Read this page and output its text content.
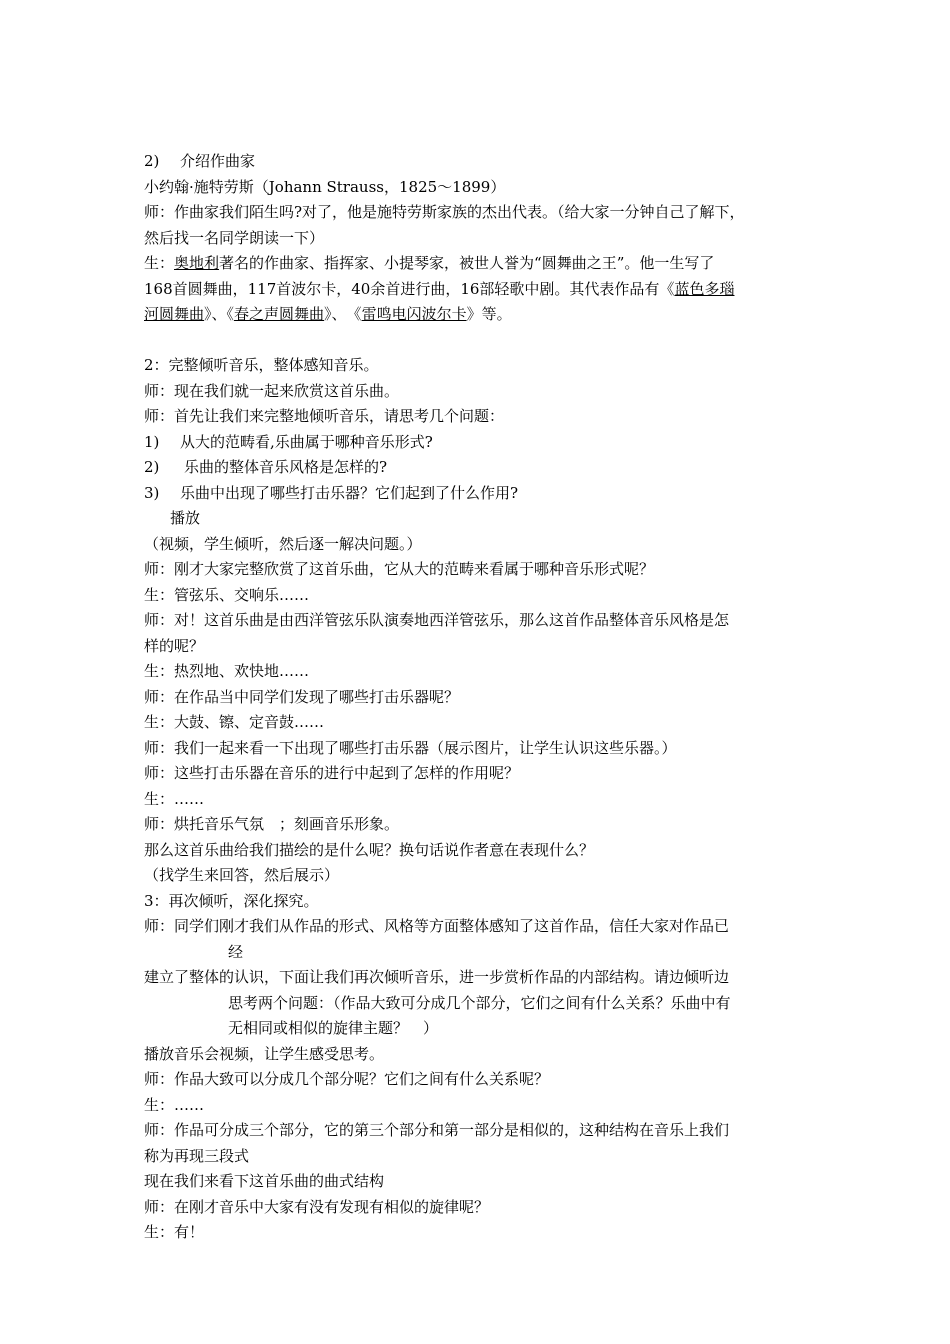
2) 介绍作曲家
小约翰·施特劳斯（Johann Strauss，1825～1899）
师：作曲家我们陌生吗?对了，他是施特劳斯家族的杰出代表。（给大家一分钟自己了解下，
然后找一名同学朗读一下）
生：奥地利著名的作曲家、指挥家、小提琴家，被世人誉为“圆舞曲之王”。他一生写了
168首圆舞曲，117首波尔卡，40余首进行曲，16部轻歌中剧。其代表作品有《蓝色多瑙
河圆舞曲》、《春之声圆舞曲》、　《雷鸣电闪波尔卡》等。
2：完整倾听音乐，整体感知音乐。
师：现在我们就一起来欣赏这首乐曲。
师：首先让我们来完整地倾听音乐，请思考几个问题：
1) 从大的范畴看,乐曲属于哪种音乐形式?
2) 乐曲的整体音乐风格是怎样的?
3) 乐曲中出现了哪些打击乐器？它们起到了什么作用?
播放
（视频，学生倾听，然后逐一解决问题。）
师：刚才大家完整欣赏了这首乐曲，它从大的范畴来看属于哪种音乐形式呢？
生：管弦乐、交响乐……
师：对！这首乐曲是由西洋管弦乐队演奏地西洋管弦乐，那么这首作品整体音乐风格是怎
样的呢？
生：热烈地、欢快地……
师：在作品当中同学们发现了哪些打击乐器呢？
生：大鼓、镲、定音鼓……
师：我们一起来看一下出现了哪些打击乐器（展示图片，让学生认识这些乐器。）
师：这些打击乐器在音乐的进行中起到了怎样的作用呢？
生：……
师：烘托音乐气氛　；刻画音乐形象。
那么这首乐曲给我们描绘的是什么呢？换句话说作者意在表现什么？
（找学生来回答，然后展示）
3：再次倾听，深化探究。
师：同学们刚才我们从作品的形式、风格等方面整体感知了这首作品，信任大家对作品已
经
建立了整体的认识，下面让我们再次倾听音乐，进一步赏析作品的内部结构。请边倾听边
思考两个问题：（作品大致可分成几个部分，它们之间有什么关系？乐曲中有
无相同或相似的旋律主题？　）
播放音乐会视频，让学生感受思考。
师：作品大致可以分成几个部分呢？它们之间有什么关系呢？
生：……
师：作品可分成三个部分，它的第三个部分和第一部分是相似的，这种结构在音乐上我们
称为再现三段式
现在我们来看下这首乐曲的曲式结构
师：在刚才音乐中大家有没有发现有相似的旋律呢？
生：有！
